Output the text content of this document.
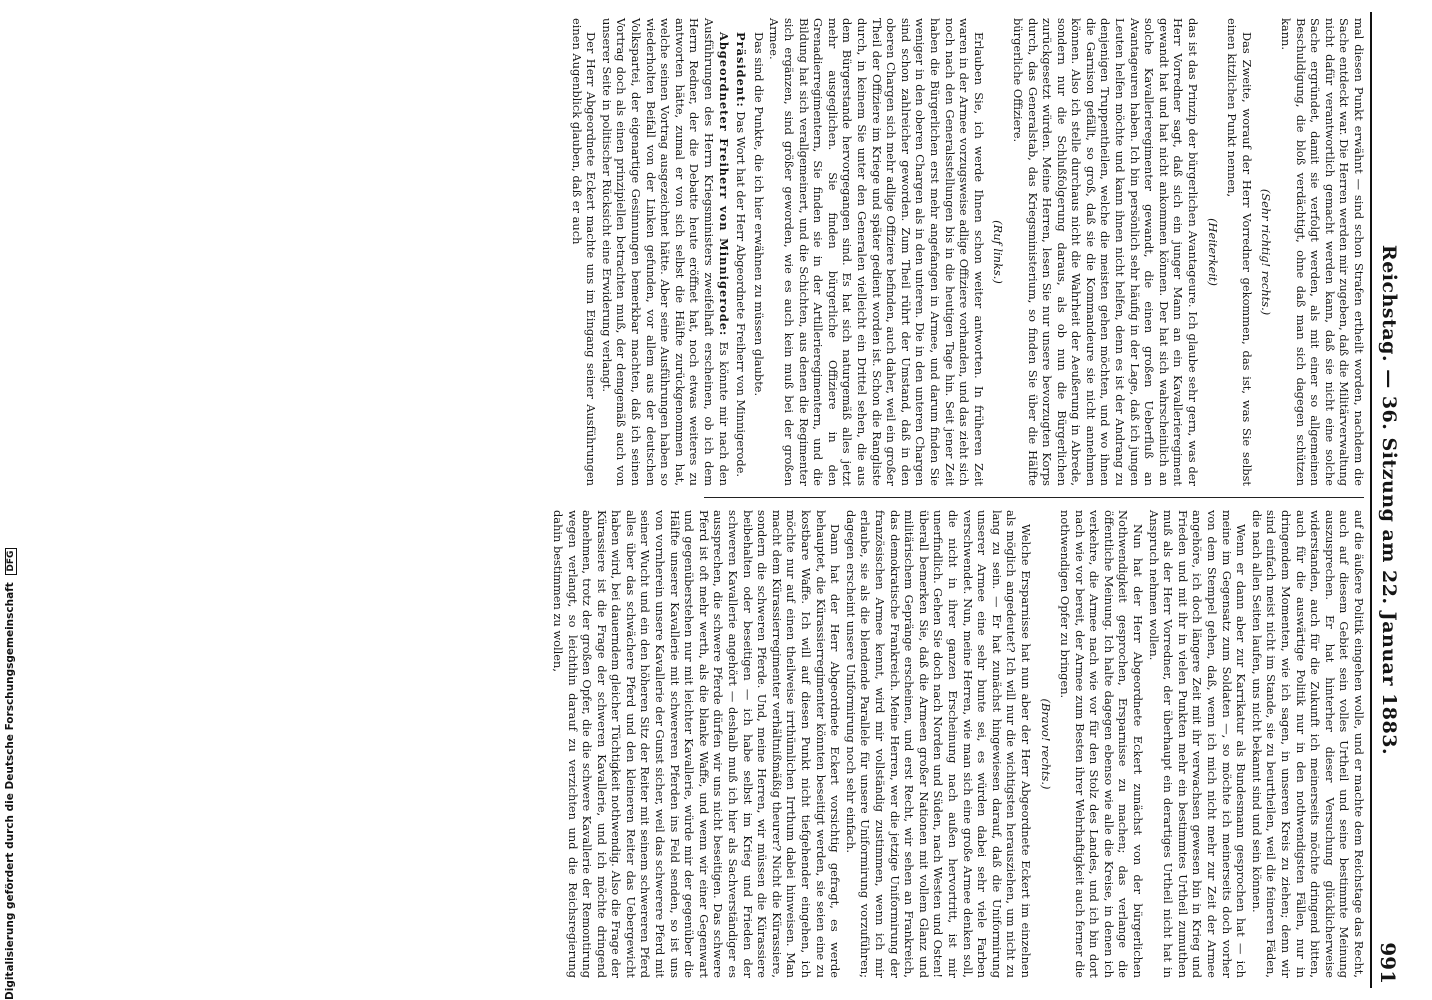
Reichstag. — 36. Sitzung am 22. Januar 1883.
991

mal diesen Punkt erwähnt — sind schon Strafen ertheilt worden, nachdem die Sache entdeckt war. Die Herren werden mir zugeben, daß die Militärverwaltung nicht dafür verantwortlich gemacht werden kann, daß sie nicht eine solche Sache ergründet, damit sie verfolgt werden, als mit einer so allgemeinen Beschuldigung, die bloß verdächtigt, ohne daß man sich dagegen schützen kann.

(Sehr richtig! rechts.)

Das Zweite, worauf der Herr Vorredner gekommen, das ist, was Sie selbst einen kitzlichen Punkt nennen,

(Heiterkeit)

das ist das Prinzip der bürgerlichen Avantageure. Ich glaube sehr gern, was der Herr Vorredner sagt, daß sich ein junger Mann an ein Kavallerieregiment gewandt hat und hat nicht ankommen können. Der hat sich wahrscheinlich an solche Kavallerieregimenter gewandt, die einen großen Ueberfluß an Avantageuren haben. Ich bin persönlich sehr häufig in der Lage, daß ich jungen Leuten helfen möchte und kann ihnen nicht helfen, denn es ist der Andrang zu denjenigen Truppentheilen, welche die meisten gehen möchten, und wo ihnen die Garnison gefällt, so groß, daß sie die Kommandeure sie nicht annehmen können. Also ich stelle durchaus nicht die Wahrheit der Aeußerung in Abrede, sondern nur die Schlußfolgerung daraus, als ob nun die Bürgerlichen zurückgesetzt würden. Meine Herren, lesen Sie nur unsere bevorzugten Korps durch, das Generalstab, das Kriegsministerium, so finden Sie über die Hälfte bürgerliche Offiziere.

(Ruf links.)

Erlauben Sie, ich werde Ihnen schon weiter antworten. In früheren Zeit waren in der Armee vorzugsweise adlige Offiziere vorhanden, und das zieht sich noch nach den Generalsstellungen bis in die heutigen Tage hin. Seit jener Zeit haben die Bürgerlichen erst mehr angefangen in Armee, und darum finden Sie weniger in den oberen Chargen als in den unteren. Die in den unteren Chargen sind schon zahlreicher geworden. Zum Theil rührt der Umstand, daß in den oberen Chargen sich mehr adlige Offiziere befinden, auch daher, weil ein großer Theil der Offiziere im Kriege und später gedient worden ist. Schon die Rangliste durch, in keinem Sie unter den Generalen vielleicht ein Drittel sehen, die aus dem Bürgerstande hervorgegangen sind. Es hat sich naturgemäß alles jetzt mehr ausgeglichen. Sie finden bürgerliche Offiziere in den Grenadierregimentern, Sie finden sie in der Artillerieregimentern, und die Bildung hat sich verallgemeinert, und die Schichten, aus denen die Regimenter sich ergänzen, sind größer geworden, wie es auch kein muß bei der großen Armee.

Das sind die Punkte, die ich hier erwähnen zu müssen glaubte.

Präsident: Das Wort hat der Herr Abgeordnete Freiherr von Minnigerode.

Abgeordneter Freiherr von Minnigerode: Es könnte mir nach den Ausführungen des Herrn Kriegsministers zweifelhaft erscheinen, ob ich dem Herrn Redner, der die Debatte heute eröffnet hat, noch etwas weiteres zu antworten hätte, zumal er von sich selbst die Hälfte zurückgenommen hat, welche seinen Vortrag ausgezeichnet hätte. Aber seine Ausführungen haben so wiederholten Beifall von der Linken gefunden, vor allem aus der deutschen Volkspartei, der eigenartige Gesinnungen bemerkbar machten, daß ich seinen Vortrag doch als einen prinzipiellen betrachten muß, der demgemäß auch von unserer Seite in politischer Rücksicht eine Erwiderung verlangt.

Der Herr Abgeordnete Eckert machte uns im Eingang seiner Ausführungen einen Augenblick glauben, daß er auch

auf die äußere Politik eingehen wolle, und er machte dem Reichstage das Recht, auch auf diesem Gebiet sein volles Urtheil und seine bestimmte Meinung auszusprechen. Er hat hinterher dieser Versuchung glücklicherweise widerstanden, auch für die Zukunft ich meinerseits möchte dringend bitten, auch für die auswärtige Politik nur in den nothwendigsten Fällen, nur in dringendem Momenten, wie ich sagen, in unseren Kreis zu ziehen; denn wir sind einfach meist nicht im Stande, sie zu beurtheilen, weil die feineren Fäden, die nach allen Seiten laufen, uns nicht bekannt sind und sein können.

Wenn er dann aber zur Karrikatur als Bundesmann gesprochen hat — ich meine im Gegensatz zum Soldaten —, so möchte ich meinerseits doch vorher von dem Stempel gehen, daß, wenn ich mich nicht mehr zur Zeit der Armee angehöre, ich doch längere Zeit mit ihr verwachsen gewesen bin in Krieg und Frieden und mit ihr in vielen Punkten mehr ein bestimmtes Urtheil zumuthen muß als der Herr Vorredner, der überhaupt ein derartiges Urtheil nicht hat in Anspruch nehmen wollen.

Nun hat der Herr Abgeordnete Eckert zunächst von der bürgerlichen Nothwendigkeit gesprochen, Ersparnisse zu machen; das verlange die öffentliche Meinung. Ich halte dagegen ebenso wie alle die Kreise, in denen ich verkehre, die Armee nach wie vor für den Stolz des Landes, und ich bin dort nach wie vor bereit, der Armee zum Besten ihrer Wehrhaftigkeit auch ferner die nothwendigen Opfer zu bringen.

(Bravo! rechts.)

Welche Ersparnisse hat nun aber der Herr Abgeordnete Eckert im einzelnen als möglich angedeutet? Ich will nur die wichtigsten herausziehen, um nicht zu lang zu sein. — Er hat zunächst hingewiesen darauf, daß die Uniformirung unserer Armee eine sehr bunte sei, es würden dabei sehr viele Farben verschwendet. Nun, meine Herren, wie man sich eine große Armee denken soll, die nicht in ihrer ganzen Erscheinung nach außen hervortritt, ist mir unerfindlich. Gehen Sie doch nach Norden und Süden, nach Westen und Osten! überall bemerken Sie, daß die Armeen großer Nationen mit vollem Glanz und militärischem Gepränge erscheinen, und erst Recht, wir sehen an Frankreich, das demokratische Frankreich. Meine Herren, wer die jetzige Uniformirung der französischen Armee kennt, wird mir vollständig zustimmen, wenn ich mir erlaube, sie als die blendende Parallele für unsere Uniformirung vorzuführen; dagegen erscheint unsere Uniformirung noch sehr einfach.

Dann hat der Herr Abgeordnete Eckert vorsichtig gefragt, es werde behauptet, die Kürassierregimenter könnten beseitigt werden, sie seien eine zu kostbare Waffe. Ich will auf diesen Punkt nicht tiefgehender eingehen, ich möchte nur auf einen theilweise irrthümlichen Irrthum dabei hinweisen. Man macht dem Kürassierregimenter verhältnißmäßig theurer? Nicht die Kürassiere, sondern die schweren Pferde. Und, meine Herren, wir müssen die Kürassiere beibehalten oder beseitigen — ich habe selbst im Krieg und Frieden der schweren Kavallerie angehört — deshalb muß ich hier als Sachverständiger es aussprechen, die schwere Pferde dürfen wir uns nicht beseitigen. Das schwere Pferd ist oft mehr werth, als die blanke Waffe, und wenn wir einer Gegenwart und gegenüberstehen nur mit leichter Kavallerie, würde mir der gegenüber die Hälfte unserer Kavallerie mit schwereren Pferden ins Feld senden, so ist uns von vornherein unsere Kavallerie der Gunst sicher, weil das schwerere Pferd mit seiner Wucht und ein den höheren Sitz der Reiter mit seinem schwereren Pferd alles über das schwächere Pferd und den kleineren Reiter das Uebergewicht haben wird, bei dauerndem gleicher Tüchtigkeit nothwendig. Also die Frage der Kürassiere ist die Frage der schweren Kavallerie, und ich möchte dringend abnehmen, trotz der großen Opfer, die die schwere Kavallerie der Remontirung wegen verlangt, so leichthin darauf zu verzichten und die Reichsregierung dahin bestimmen zu wollen,

Digitalisierung gefördert durch die Deutsche Forschungsgemeinschaft DFG
